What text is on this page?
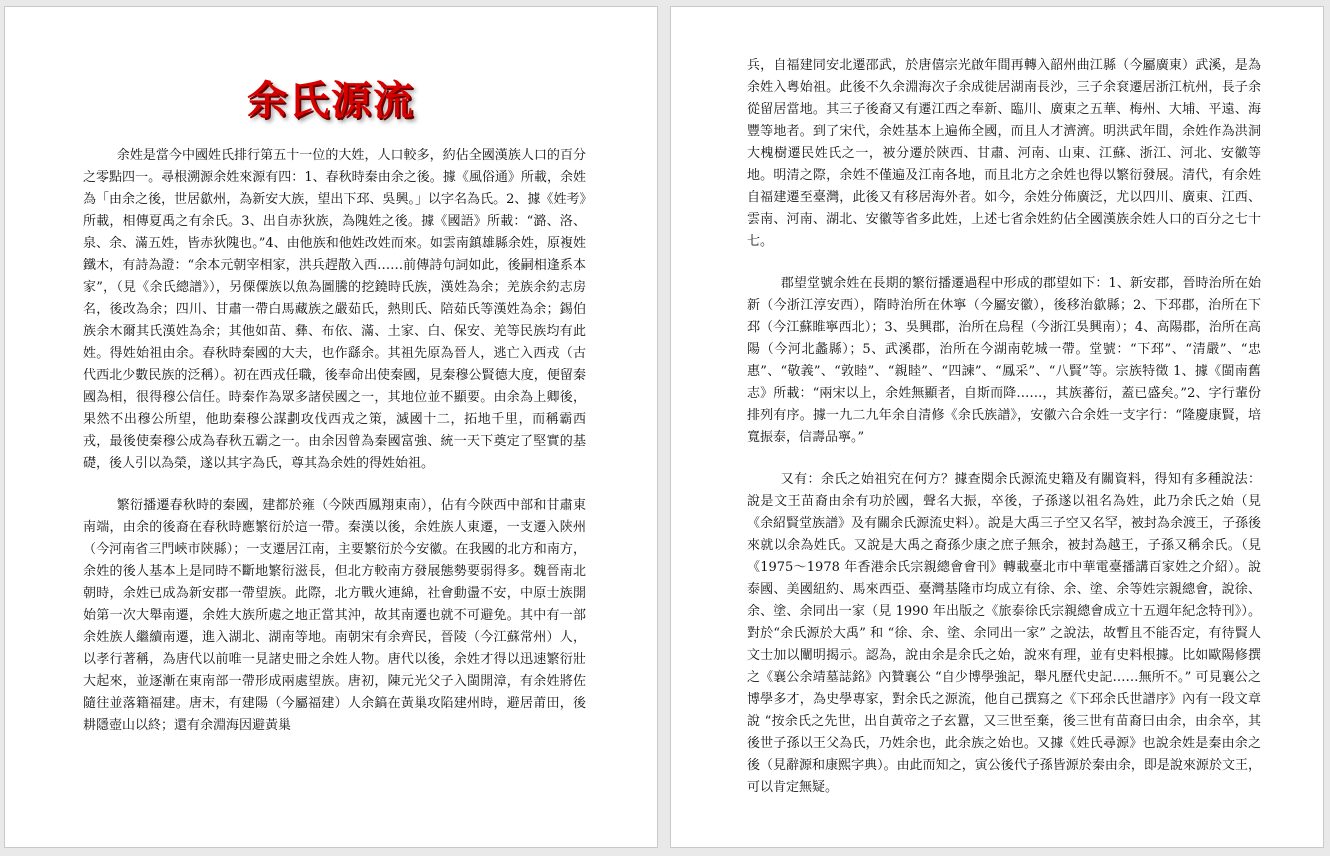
余氏源流

余姓是當今中國姓氏排行第五十一位的大姓，人口較多，約佔全國漢族人口的百分之零點四一。尋根溯源余姓來源有四：1、春秋時秦由余之後。據《風俗通》所載，余姓為「由余之後，世居歙州，為新安大族，望出下邳、吳興。」以字名為氏。2、據《姓考》所載，相傳夏禹之有余氏。3、出自赤狄族，為隗姓之後。據《國語》所載：“潞、洛、泉、余、滿五姓，皆赤狄隗也。”4、由他族和他姓改姓而來。如雲南鎮雄縣余姓，原複姓鐵木，有詩為證：“余本元朝宰相家，洪兵趕散入西……前傳詩句詞如此，後嗣相逢系本家”，（見《余氏總譜》），另傈僳族以魚為圖騰的挖鐃時氏族，漢姓為余；羌族余約志房名，後改為余；四川、甘肅一帶白馬藏族之嚴茹氏，熱則氏、陪茹氏等漢姓為余；錫伯族余木爾其氏漢姓為余；其他如苗、彝、布依、滿、土家、白、保安、羌等民族均有此姓。得姓始祖由余。春秋時秦國的大夫，也作繇余。其祖先原為晉人，逃亡入西戎（古代西北少數民族的泛稱）。初在西戎任職，後奉命出使秦國，見秦穆公賢德大度，便留秦國為相，很得穆公信任。時秦作為眾多諸侯國之一，其地位並不顯要。由余為上卿後，果然不出穆公所望，他助秦穆公謀劃攻伐西戎之策，滅國十二，拓地千里，而稱霸西戎，最後使秦穆公成為春秋五霸之一。由余因曾為秦國富強、統一天下奠定了堅實的基礎，後人引以為榮，遂以其字為氏，尊其為余姓的得姓始祖。

繁衍播遷春秋時的秦國，建都於雍（今陝西鳳翔東南），佔有今陝西中部和甘肅東南端，由余的後裔在春秋時應繁衍於這一帶。秦漢以後，余姓族人東遷，一支遷入陝州（今河南省三門峽市陝縣）；一支遷居江南，主要繁衍於今安徽。在我國的北方和南方，余姓的後人基本上是同時不斷地繁衍滋長，但北方較南方發展態勢要弱得多。魏晉南北朝時，余姓已成為新安郡一帶望族。此際，北方戰火連綿，社會動盪不安，中原士族開始第一次大舉南遷，余姓大族所處之地正當其沖，故其南遷也就不可避免。其中有一部余姓族人繼續南遷，進入湖北、湖南等地。南朝宋有余齊民，晉陵（今江蘇常州）人，以孝行著稱，為唐代以前唯一見諸史冊之余姓人物。唐代以後，余姓才得以迅速繁衍壯大起來，並逐漸在東南部一帶形成兩處望族。唐初，陳元光父子入閩開漳，有余姓將佐隨往並落籍福建。唐末，有建陽（今屬福建）人余鎬在黃巢攻陷建州時，避居莆田，後耕隱壺山以終；還有余淵海因避黃巢

兵，自福建同安北遷邵武，於唐僖宗光啟年間再轉入韶州曲江縣（今屬廣東）武溪，是為余姓入粵始祖。此後不久余淵海次子余成徙居湖南長沙，三子余袞遷居浙江杭州，長子余從留居當地。其三子後裔又有遷江西之奉新、臨川、廣東之五華、梅州、大埔、平遠、海豐等地者。到了宋代，余姓基本上遍佈全國，而且人才濟濟。明洪武年間，余姓作為洪洞大槐樹遷民姓氏之一，被分遷於陝西、甘肅、河南、山東、江蘇、浙江、河北、安徽等地。明清之際，余姓不僅遍及江南各地，而且北方之余姓也得以繁衍發展。清代，有余姓自福建遷至臺灣，此後又有移居海外者。如今，余姓分佈廣泛，尤以四川、廣東、江西、雲南、河南、湖北、安徽等省多此姓，上述七省余姓約佔全國漢族余姓人口的百分之七十七。

郡望堂號余姓在長期的繁衍播遷過程中形成的郡望如下：1、新安郡，晉時治所在始新（今浙江淳安西），隋時治所在休寧（今屬安徽），後移治歙縣；2、下邳郡，治所在下邳（今江蘇睢寧西北）；3、吳興郡，治所在烏程（今浙江吳興南）；4、高陽郡，治所在高陽（今河北蠡縣）；5、武溪郡，治所在今湖南乾城一帶。堂號：“下邳”、“清嚴”、“忠惠”、“敬義”、“敦睦”、“親睦”、“四諫”、“鳳采”、“八賢”等。宗族特徵 1、據《閩南舊志》所載：“兩宋以上，余姓無顯者，自斯而降……，其族蕃衍，蓋已盛矣。”2、字行輩份排列有序。據一九二九年余自清修《余氏族譜》，安徽六合余姓一支字行：“隆慶康賢，培寬振泰，信壽品寧。”

又有：余氏之始祖究在何方？據查閱余氏源流史籍及有關資料，得知有多種說法：說是文王苗裔由余有功於國，聲名大振，卒後，子孫遂以祖名為姓，此乃余氏之始（見《余紹賢堂族譜》及有關余氏源流史料）。說是大禹三子空又名罕，被封為余渡王，子孫後來就以余為姓氏。又說是大禹之裔孫少康之庶子無余，被封為越王，子孫又稱余氏。（見《1975～1978 年香港余氏宗親總會會刊》轉載臺北市中華電臺播講百家姓之介紹）。說泰國、美國紐約、馬來西亞、臺灣基隆市均成立有徐、余、塗、余等姓宗親總會，說徐、余、塗、余同出一家（見 1990 年出版之《旅泰徐氏宗親總會成立十五週年紀念特刊》）。對於“余氏源於大禹” 和 “徐、余、塗、余同出一家” 之說法，故暫且不能否定，有待賢人文士加以闡明揭示。認為，說由余是余氏之始，說來有理，並有史料根據。比如歐陽修撰之《襄公余靖墓誌銘》內贊襄公 “自少博學強記，舉凡歷代史記……無所不。” 可見襄公之博學多才，為史學專家，對余氏之源流，他自己撰寫之《下邳余氏世譜序》內有一段文章說 “按余氏之先世，出自黃帝之子玄囂，又三世至棄，後三世有苗裔曰由余，由余卒，其後世子孫以王父為氏，乃姓余也，此余族之始也。又據《姓氏尋源》也說余姓是秦由余之後（見辭源和康熙字典）。由此而知之，寅公後代子孫皆源於秦由余，即是說來源於文王，可以肯定無疑。
